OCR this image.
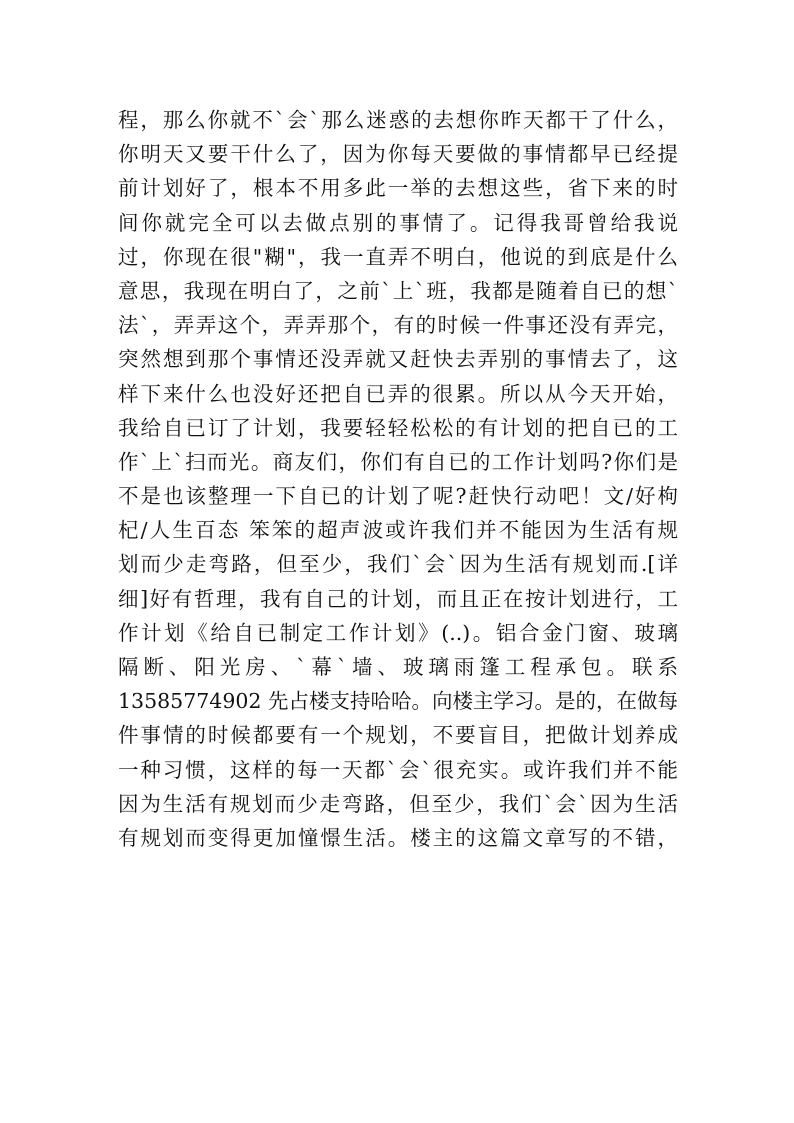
程，那么你就不`会`那么迷惑的去想你昨天都干了什么，
你明天又要干什么了，因为你每天要做的事情都早已经提
前计划好了，根本不用多此一举的去想这些，省下来的时
间你就完全可以去做点别的事情了。记得我哥曾给我说
过，你现在很"糊"，我一直弄不明白，他说的到底是什么
意思，我现在明白了，之前`上`班，我都是随着自已的想`
法`，弄弄这个，弄弄那个，有的时候一件事还没有弄完，
突然想到那个事情还没弄就又赶快去弄别的事情去了，这
样下来什么也没好还把自已弄的很累。所以从今天开始，
我给自已订了计划，我要轻轻松松的有计划的把自已的工
作`上`扫而光。商友们，你们有自已的工作计划吗?你们是
不是也该整理一下自已的计划了呢?赶快行动吧！文/好枸
杞/人生百态 笨笨的超声波或许我们并不能因为生活有规
划而少走弯路，但至少，我们`会`因为生活有规划而.[详
细]好有哲理，我有自己的计划，而且正在按计划进行，工
作计划《给自已制定工作计划》(..)。铝合金门窗、玻璃
隔断、阳光房、`幕`墙、玻璃雨篷工程承包。联系
13585774902 先占楼支持哈哈。向楼主学习。是的，在做每
件事情的时候都要有一个规划，不要盲目，把做计划养成
一种习惯，这样的每一天都`会`很充实。或许我们并不能
因为生活有规划而少走弯路，但至少，我们`会`因为生活
有规划而变得更加憧憬生活。楼主的这篇文章写的不错，
